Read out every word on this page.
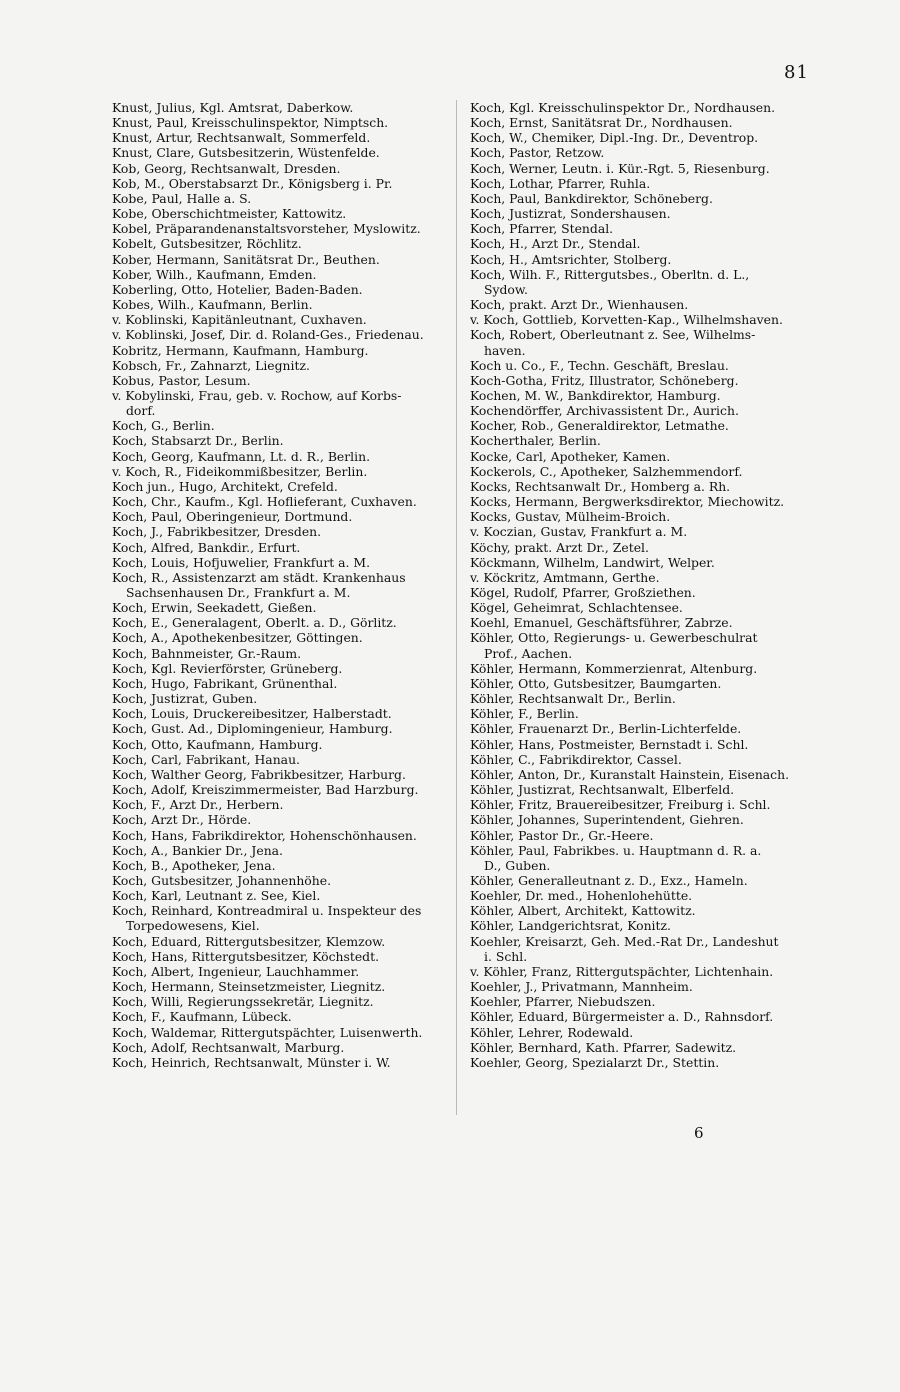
81
Knust, Julius, Kgl. Amtsrat, Daberkow.
Knust, Paul, Kreisschulinspektor, Nimptsch.
Knust, Artur, Rechtsanwalt, Sommerfeld.
Knust, Clare, Gutsbesitzerin, Wüstenfelde.
Kob, Georg, Rechtsanwalt, Dresden.
Kob, M., Oberstabsarzt Dr., Königsberg i. Pr.
Kobe, Paul, Halle a. S.
Kobe, Oberschichtmeister, Kattowitz.
Kobel, Präparandenanstaltsvorsteher, Myslowitz.
Kobelt, Gutsbesitzer, Röchlitz.
Kober, Hermann, Sanitätsrat Dr., Beuthen.
Kober, Wilh., Kaufmann, Emden.
Koberling, Otto, Hotelier, Baden-Baden.
Kobes, Wilh., Kaufmann, Berlin.
v. Koblinski, Kapitänleutnant, Cuxhaven.
v. Koblinski, Josef, Dir. d. Roland-Ges., Friedenau.
Kobritz, Hermann, Kaufmann, Hamburg.
Kobsch, Fr., Zahnarzt, Liegnitz.
Kobus, Pastor, Lesum.
v. Kobylinski, Frau, geb. v. Rochow, auf Korbs-
dorf.
Koch, G., Berlin.
Koch, Stabsarzt Dr., Berlin.
Koch, Georg, Kaufmann, Lt. d. R., Berlin.
v. Koch, R., Fideikommißbesitzer, Berlin.
Koch jun., Hugo, Architekt, Crefeld.
Koch, Chr., Kaufm., Kgl. Hoflieferant, Cuxhaven.
Koch, Paul, Oberingenieur, Dortmund.
Koch, J., Fabrikbesitzer, Dresden.
Koch, Alfred, Bankdir., Erfurt.
Koch, Louis, Hofjuwelier, Frankfurt a. M.
Koch, R., Assistenzarzt am städt. Krankenhaus
Sachsenhausen Dr., Frankfurt a. M.
Koch, Erwin, Seekadett, Gießen.
Koch, E., Generalagent, Oberlt. a. D., Görlitz.
Koch, A., Apothekenbesitzer, Göttingen.
Koch, Bahnmeister, Gr.-Raum.
Koch, Kgl. Revierförster, Grüneberg.
Koch, Hugo, Fabrikant, Grünenthal.
Koch, Justizrat, Guben.
Koch, Louis, Druckereibesitzer, Halberstadt.
Koch, Gust. Ad., Diplomingenieur, Hamburg.
Koch, Otto, Kaufmann, Hamburg.
Koch, Carl, Fabrikant, Hanau.
Koch, Walther Georg, Fabrikbesitzer, Harburg.
Koch, Adolf, Kreiszimmermeister, Bad Harzburg.
Koch, F., Arzt Dr., Herbern.
Koch, Arzt Dr., Hörde.
Koch, Hans, Fabrikdirektor, Hohenschönhausen.
Koch, A., Bankier Dr., Jena.
Koch, B., Apotheker, Jena.
Koch, Gutsbesitzer, Johannenhöhe.
Koch, Karl, Leutnant z. See, Kiel.
Koch, Reinhard, Kontreadmiral u. Inspekteur des
Torpedowesens, Kiel.
Koch, Eduard, Rittergutsbesitzer, Klemzow.
Koch, Hans, Rittergutsbesitzer, Köchstedt.
Koch, Albert, Ingenieur, Lauchhammer.
Koch, Hermann, Steinsetzmeister, Liegnitz.
Koch, Willi, Regierungssekretär, Liegnitz.
Koch, F., Kaufmann, Lübeck.
Koch, Waldemar, Rittergutspächter, Luisenwerth.
Koch, Adolf, Rechtsanwalt, Marburg.
Koch, Heinrich, Rechtsanwalt, Münster i. W.
Koch, Kgl. Kreisschulinspektor Dr., Nordhausen.
Koch, Ernst, Sanitätsrat Dr., Nordhausen.
Koch, W., Chemiker, Dipl.-Ing. Dr., Deventrop.
Koch, Pastor, Retzow.
Koch, Werner, Leutn. i. Kür.-Rgt. 5, Riesenburg.
Koch, Lothar, Pfarrer, Ruhla.
Koch, Paul, Bankdirektor, Schöneberg.
Koch, Justizrat, Sondershausen.
Koch, Pfarrer, Stendal.
Koch, H., Arzt Dr., Stendal.
Koch, H., Amtsrichter, Stolberg.
Koch, Wilh. F., Rittergutsbes., Oberltn. d. L.,
Sydow.
Koch, prakt. Arzt Dr., Wienhausen.
v. Koch, Gottlieb, Korvetten-Kap., Wilhelmshaven.
Koch, Robert, Oberleutnant z. See, Wilhelms-
haven.
Koch u. Co., F., Techn. Geschäft, Breslau.
Koch-Gotha, Fritz, Illustrator, Schöneberg.
Kochen, M. W., Bankdirektor, Hamburg.
Kochendörffer, Archivassistent Dr., Aurich.
Kocher, Rob., Generaldirektor, Letmathe.
Kocherthaler, Berlin.
Kocke, Carl, Apotheker, Kamen.
Kockerols, C., Apotheker, Salzhemmendorf.
Kocks, Rechtsanwalt Dr., Homberg a. Rh.
Kocks, Hermann, Bergwerksdirektor, Miechowitz.
Kocks, Gustav, Mülheim-Broich.
v. Koczian, Gustav, Frankfurt a. M.
Köchy, prakt. Arzt Dr., Zetel.
Köckmann, Wilhelm, Landwirt, Welper.
v. Köckritz, Amtmann, Gerthe.
Kögel, Rudolf, Pfarrer, Großziethen.
Kögel, Geheimrat, Schlachtensee.
Koehl, Emanuel, Geschäftsführer, Zabrze.
Köhler, Otto, Regierungs- u. Gewerbeschulrat
Prof., Aachen.
Köhler, Hermann, Kommerzienrat, Altenburg.
Köhler, Otto, Gutsbesitzer, Baumgarten.
Köhler, Rechtsanwalt Dr., Berlin.
Köhler, F., Berlin.
Köhler, Frauenarzt Dr., Berlin-Lichterfelde.
Köhler, Hans, Postmeister, Bernstadt i. Schl.
Köhler, C., Fabrikdirektor, Cassel.
Köhler, Anton, Dr., Kuranstalt Hainstein, Eisenach.
Köhler, Justizrat, Rechtsanwalt, Elberfeld.
Köhler, Fritz, Brauereibesitzer, Freiburg i. Schl.
Köhler, Johannes, Superintendent, Giehren.
Köhler, Pastor Dr., Gr.-Heere.
Köhler, Paul, Fabrikbes. u. Hauptmann d. R. a.
D., Guben.
Köhler, Generalleutnant z. D., Exz., Hameln.
Koehler, Dr. med., Hohenlohehütte.
Köhler, Albert, Architekt, Kattowitz.
Köhler, Landgerichtsrat, Konitz.
Koehler, Kreisarzt, Geh. Med.-Rat Dr., Landeshut
i. Schl.
v. Köhler, Franz, Rittergutspächter, Lichtenhain.
Koehler, J., Privatmann, Mannheim.
Koehler, Pfarrer, Niebudszen.
Köhler, Eduard, Bürgermeister a. D., Rahnsdorf.
Köhler, Lehrer, Rodewald.
Köhler, Bernhard, Kath. Pfarrer, Sadewitz.
Koehler, Georg, Spezialarzt Dr., Stettin.
6
